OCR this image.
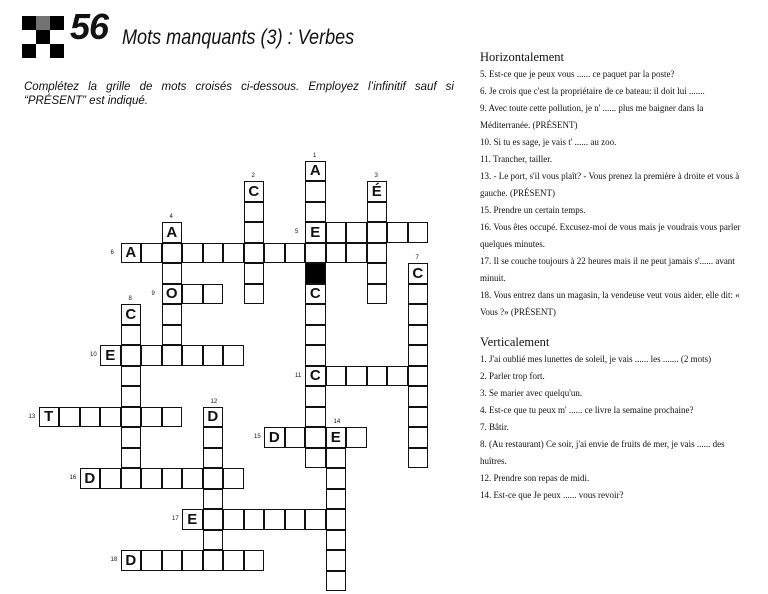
56 Mots manquants (3) : Verbes
Complétez la grille de mots croisés ci-dessous. Employez l’infinitif sauf si “PRÉSENT” est indiqué.
A
E
C
C
C	É
A
O
A
C
C
E
D
T
E
D
D
E
D
1
2	3
4
5
6
7
8
9
10
11
12
13
14
15
16
17
18
Horizontalement

5. Est-ce que je peux vous ...... ce paquet par la poste?

6. Je crois que c'est la propriétaire de ce bateau: il doit lui .......

9. Avec toute cette pollution, je n' ...... plus me baigner dans la Méditerranée. (PRÉSENT)

10. Si tu es sage, je vais t' ...... au zoo.

11. Trancher, tailler.

13. - Le port, s'il vous plaît? - Vous prenez la première à droite et vous à gauche. (PRÉSENT)

15. Prendre un certain temps.

16. Vous êtes occupé. Excusez-moi de vous mais je voudrais vous parler quelques minutes.

17. Il se couche toujours à 22 heures mais il ne peut jamais s'...... avant minuit.

18. Vous entrez dans un magasin, la vendeuse veut vous aider, elle dit: « Vous ?» (PRÉSENT)

Verticalement

1. J'ai oublié mes lunettes de soleil, je vais ...... les ....... (2 mots)

2. Parler trop fort.

3. Se marier avec quelqu'un.

4. Est-ce que tu peux m' ...... ce livre la semaine prochaine?

7. Bâtir.

8. (Au restaurant) Ce soir, j'ai envie de fruits de mer, je vais ...... des huîtres.

12. Prendre son repas de midi.

14. Est-ce que Je peux ...... vous revoir?
